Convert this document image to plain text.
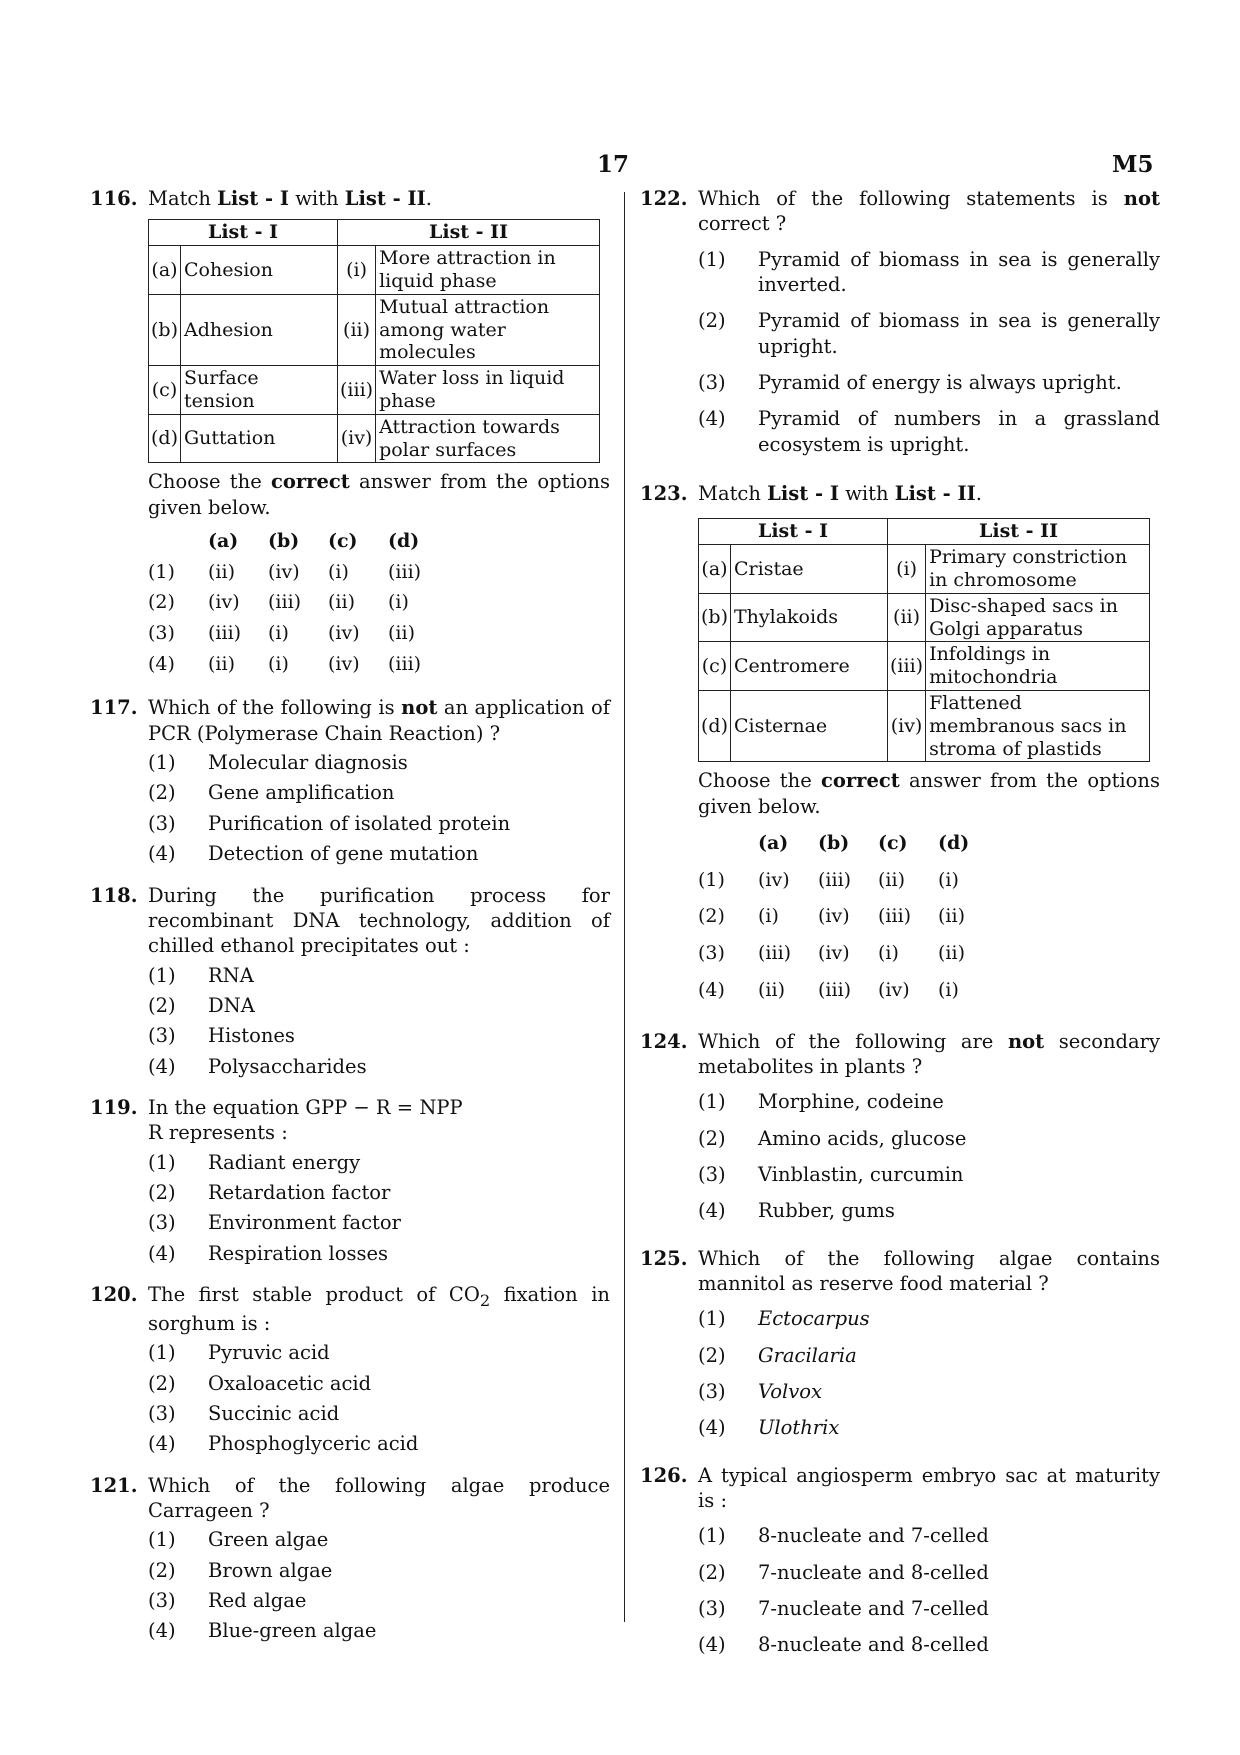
17	M5
116. Match List - I with List - II.
List - I		List - II	
(a)	Cohesion	(i)	More attraction in liquid phase
(b)	Adhesion	(ii)	Mutual attraction among water molecules
(c)	Surface tension	(iii)	Water loss in liquid phase
(d)	Guttation	(iv)	Attraction towards polar surfaces
Choose the correct answer from the options given below.
	(a)	(b)	(c)	(d)
(1)	(ii)	(iv)	(i)	(iii)
(2)	(iv)	(iii)	(ii)	(i)
(3)	(iii)	(i)	(iv)	(ii)
(4)	(ii)	(i)	(iv)	(iii)
117. Which of the following is not an application of PCR (Polymerase Chain Reaction) ?
(1) Molecular diagnosis
(2) Gene amplification
(3) Purification of isolated protein
(4) Detection of gene mutation
118. During the purification process for recombinant DNA technology, addition of chilled ethanol precipitates out :
(1) RNA
(2) DNA
(3) Histones
(4) Polysaccharides
119. In the equation GPP − R = NPP
R represents :
(1) Radiant energy
(2) Retardation factor
(3) Environment factor
(4) Respiration losses
120. The first stable product of $CO_2$ fixation in sorghum is :
(1) Pyruvic acid
(2) Oxaloacetic acid
(3) Succinic acid
(4) Phosphoglyceric acid
121. Which of the following algae produce Carrageen ?
(1) Green algae
(2) Brown algae
(3) Red algae
(4) Blue-green algae
122. Which of the following statements is not correct ?
(1) Pyramid of biomass in sea is generally inverted.
(2) Pyramid of biomass in sea is generally upright.
(3) Pyramid of energy is always upright.
(4) Pyramid of numbers in a grassland ecosystem is upright.
123. Match List - I with List - II.
List - I		List - II	
(a)	Cristae	(i)	Primary constriction in chromosome
(b)	Thylakoids	(ii)	Disc-shaped sacs in Golgi apparatus
(c)	Centromere	(iii)	Infoldings in mitochondria
(d)	Cisternae	(iv)	Flattened membranous sacs in stroma of plastids
Choose the correct answer from the options given below.
	(a)	(b)	(c)	(d)
(1)	(iv)	(iii)	(ii)	(i)
(2)	(i)	(iv)	(iii)	(ii)
(3)	(iii)	(iv)	(i)	(ii)
(4)	(ii)	(iii)	(iv)	(i)
124. Which of the following are not secondary metabolites in plants ?
(1) Morphine, codeine
(2) Amino acids, glucose
(3) Vinblastin, curcumin
(4) Rubber, gums
125. Which of the following algae contains mannitol as reserve food material ?
(1) Ectocarpus
(2) Gracilaria
(3) Volvox
(4) Ulothrix
126. A typical angiosperm embryo sac at maturity is :
(1) 8-nucleate and 7-celled
(2) 7-nucleate and 8-celled
(3) 7-nucleate and 7-celled
(4) 8-nucleate and 8-celled
